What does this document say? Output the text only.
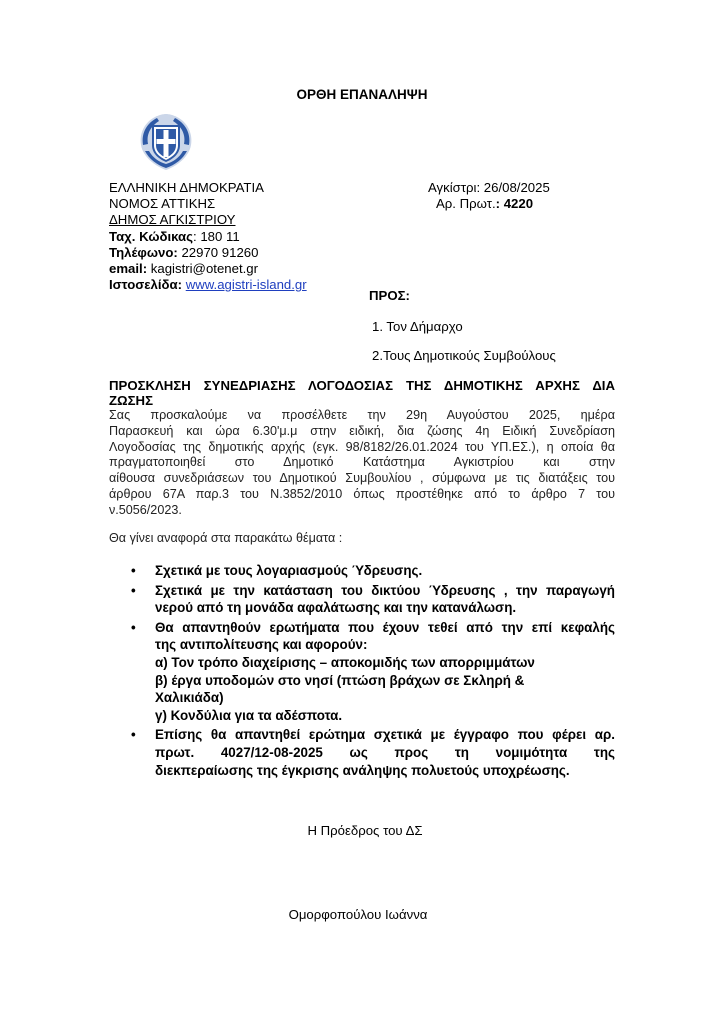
ΟΡΘΗ ΕΠΑΝΑΛΗΨΗ
ΕΛΛΗΝΙΚΗ ΔΗΜΟΚΡΑΤΙΑ
ΝΟΜΟΣ ΑΤΤΙΚΗΣ
ΔΗΜΟΣ ΑΓΚΙΣΤΡΙΟΥ
Ταχ. Κώδικας: 180 11
Τηλέφωνο: 22970 91260
email: kagistri@otenet.gr
Ιστοσελίδα: www.agistri-island.gr
Αγκίστρι: 26/08/2025
Αρ. Πρωτ.: 4220
ΠΡΟΣ:
1. Τον Δήμαρχο
2.Τους Δημοτικούς Συμβούλους
ΠΡΟΣΚΛΗΣΗ ΣΥΝΕΔΡΙΑΣΗΣ ΛΟΓΟΔΟΣΙΑΣ ΤΗΣ ΔΗΜΟΤΙΚΗΣ ΑΡΧΗΣ ΔΙΑ
ΖΩΣΗΣ
Σας προσκαλούμε να προσέλθετε την 29η Αυγούστου 2025, ημέρα
Παρασκευή και ώρα 6.30'μ.μ στην ειδική, δια ζώσης 4η Ειδική Συνεδρίαση
Λογοδοσίας της δημοτικής αρχής (εγκ. 98/8182/26.01.2024 του ΥΠ.ΕΣ.), η οποία θα
πραγματοποιηθεί στο Δημοτικό Κατάστημα Αγκιστρίου και στην
αίθουσα συνεδριάσεων του Δημοτικού Συμβουλίου , σύμφωνα με τις διατάξεις του
άρθρου 67Α παρ.3 του Ν.3852/2010 όπως προστέθηκε από το άρθρο 7 του
ν.5056/2023.
Θα γίνει αναφορά στα παρακάτω θέματα :
• Σχετικά με τους λογαριασμούς Ύδρευσης.
• Σχετικά με την κατάσταση του δικτύου Ύδρευσης , την παραγωγή
νερού από τη μονάδα αφαλάτωσης και την κατανάλωση.
• Θα απαντηθούν ερωτήματα που έχουν τεθεί από την επί κεφαλής
της αντιπολίτευσης και αφορούν:
α) Τον τρόπο διαχείρισης – αποκομιδής των απορριμμάτων
β) έργα υποδομών στο νησί (πτώση βράχων σε Σκληρή &
Χαλικιάδα)
γ) Κονδύλια για τα αδέσποτα.
• Επίσης θα απαντηθεί ερώτημα σχετικά με έγγραφο που φέρει αρ.
πρωτ. 4027/12-08-2025 ως προς τη νομιμότητα της
διεκπεραίωσης της έγκρισης ανάληψης πολυετούς υποχρέωσης.
Η Πρόεδρος του ΔΣ
Ομορφοπούλου Ιωάννα
